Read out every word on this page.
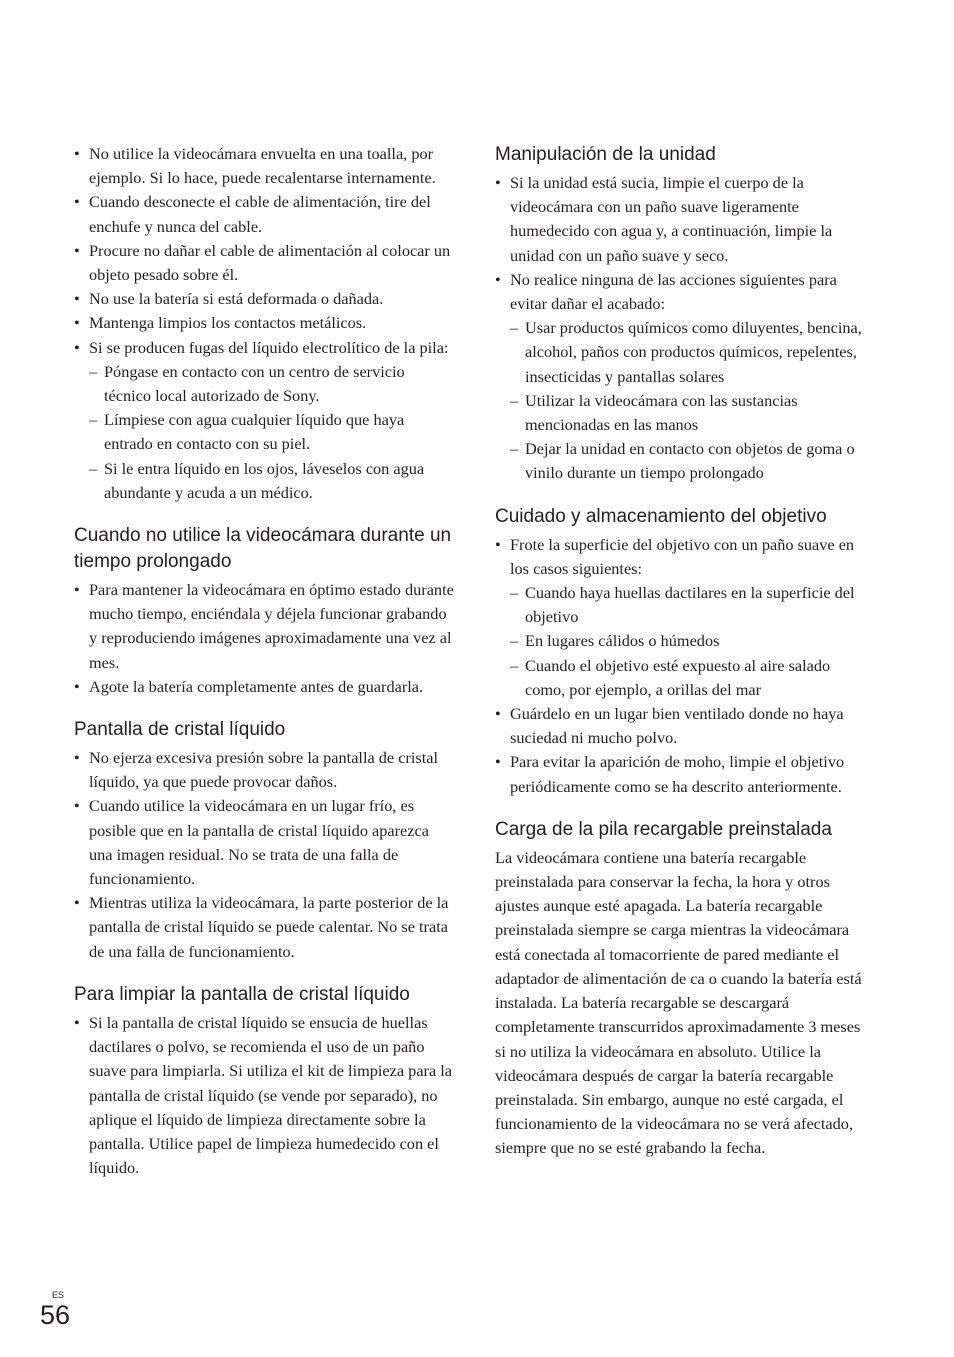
• No utilice la videocámara envuelta en una toalla, por ejemplo. Si lo hace, puede recalentarse internamente.
• Cuando desconecte el cable de alimentación, tire del enchufe y nunca del cable.
• Procure no dañar el cable de alimentación al colocar un objeto pesado sobre él.
• No use la batería si está deformada o dañada.
• Mantenga limpios los contactos metálicos.
• Si se producen fugas del líquido electrolítico de la pila:
– Póngase en contacto con un centro de servicio técnico local autorizado de Sony.
– Límpiese con agua cualquier líquido que haya entrado en contacto con su piel.
– Si le entra líquido en los ojos, láveselos con agua abundante y acuda a un médico.
Cuando no utilice la videocámara durante un tiempo prolongado
• Para mantener la videocámara en óptimo estado durante mucho tiempo, enciéndala y déjela funcionar grabando y reproduciendo imágenes aproximadamente una vez al mes.
• Agote la batería completamente antes de guardarla.
Pantalla de cristal líquido
• No ejerza excesiva presión sobre la pantalla de cristal líquido, ya que puede provocar daños.
• Cuando utilice la videocámara en un lugar frío, es posible que en la pantalla de cristal líquido aparezca una imagen residual. No se trata de una falla de funcionamiento.
• Mientras utiliza la videocámara, la parte posterior de la pantalla de cristal líquido se puede calentar. No se trata de una falla de funcionamiento.
Para limpiar la pantalla de cristal líquido
• Si la pantalla de cristal líquido se ensucia de huellas dactilares o polvo, se recomienda el uso de un paño suave para limpiarla. Si utiliza el kit de limpieza para la pantalla de cristal líquido (se vende por separado), no aplique el líquido de limpieza directamente sobre la pantalla. Utilice papel de limpieza humedecido con el líquido.
Manipulación de la unidad
• Si la unidad está sucia, limpie el cuerpo de la videocámara con un paño suave ligeramente humedecido con agua y, a continuación, limpie la unidad con un paño suave y seco.
• No realice ninguna de las acciones siguientes para evitar dañar el acabado:
– Usar productos químicos como diluyentes, bencina, alcohol, paños con productos químicos, repelentes, insecticidas y pantallas solares
– Utilizar la videocámara con las sustancias mencionadas en las manos
– Dejar la unidad en contacto con objetos de goma o vinilo durante un tiempo prolongado
Cuidado y almacenamiento del objetivo
• Frote la superficie del objetivo con un paño suave en los casos siguientes:
– Cuando haya huellas dactilares en la superficie del objetivo
– En lugares cálidos o húmedos
– Cuando el objetivo esté expuesto al aire salado como, por ejemplo, a orillas del mar
• Guárdelo en un lugar bien ventilado donde no haya suciedad ni mucho polvo.
• Para evitar la aparición de moho, limpie el objetivo periódicamente como se ha descrito anteriormente.
Carga de la pila recargable preinstalada

La videocámara contiene una batería recargable preinstalada para conservar la fecha, la hora y otros ajustes aunque esté apagada. La batería recargable preinstalada siempre se carga mientras la videocámara está conectada al tomacorriente de pared mediante el adaptador de alimentación de ca o cuando la batería está instalada. La batería recargable se descargará completamente transcurridos aproximadamente 3 meses si no utiliza la videocámara en absoluto. Utilice la videocámara después de cargar la batería recargable preinstalada. Sin embargo, aunque no esté cargada, el funcionamiento de la videocámara no se verá afectado, siempre que no se esté grabando la fecha.

ES
56
